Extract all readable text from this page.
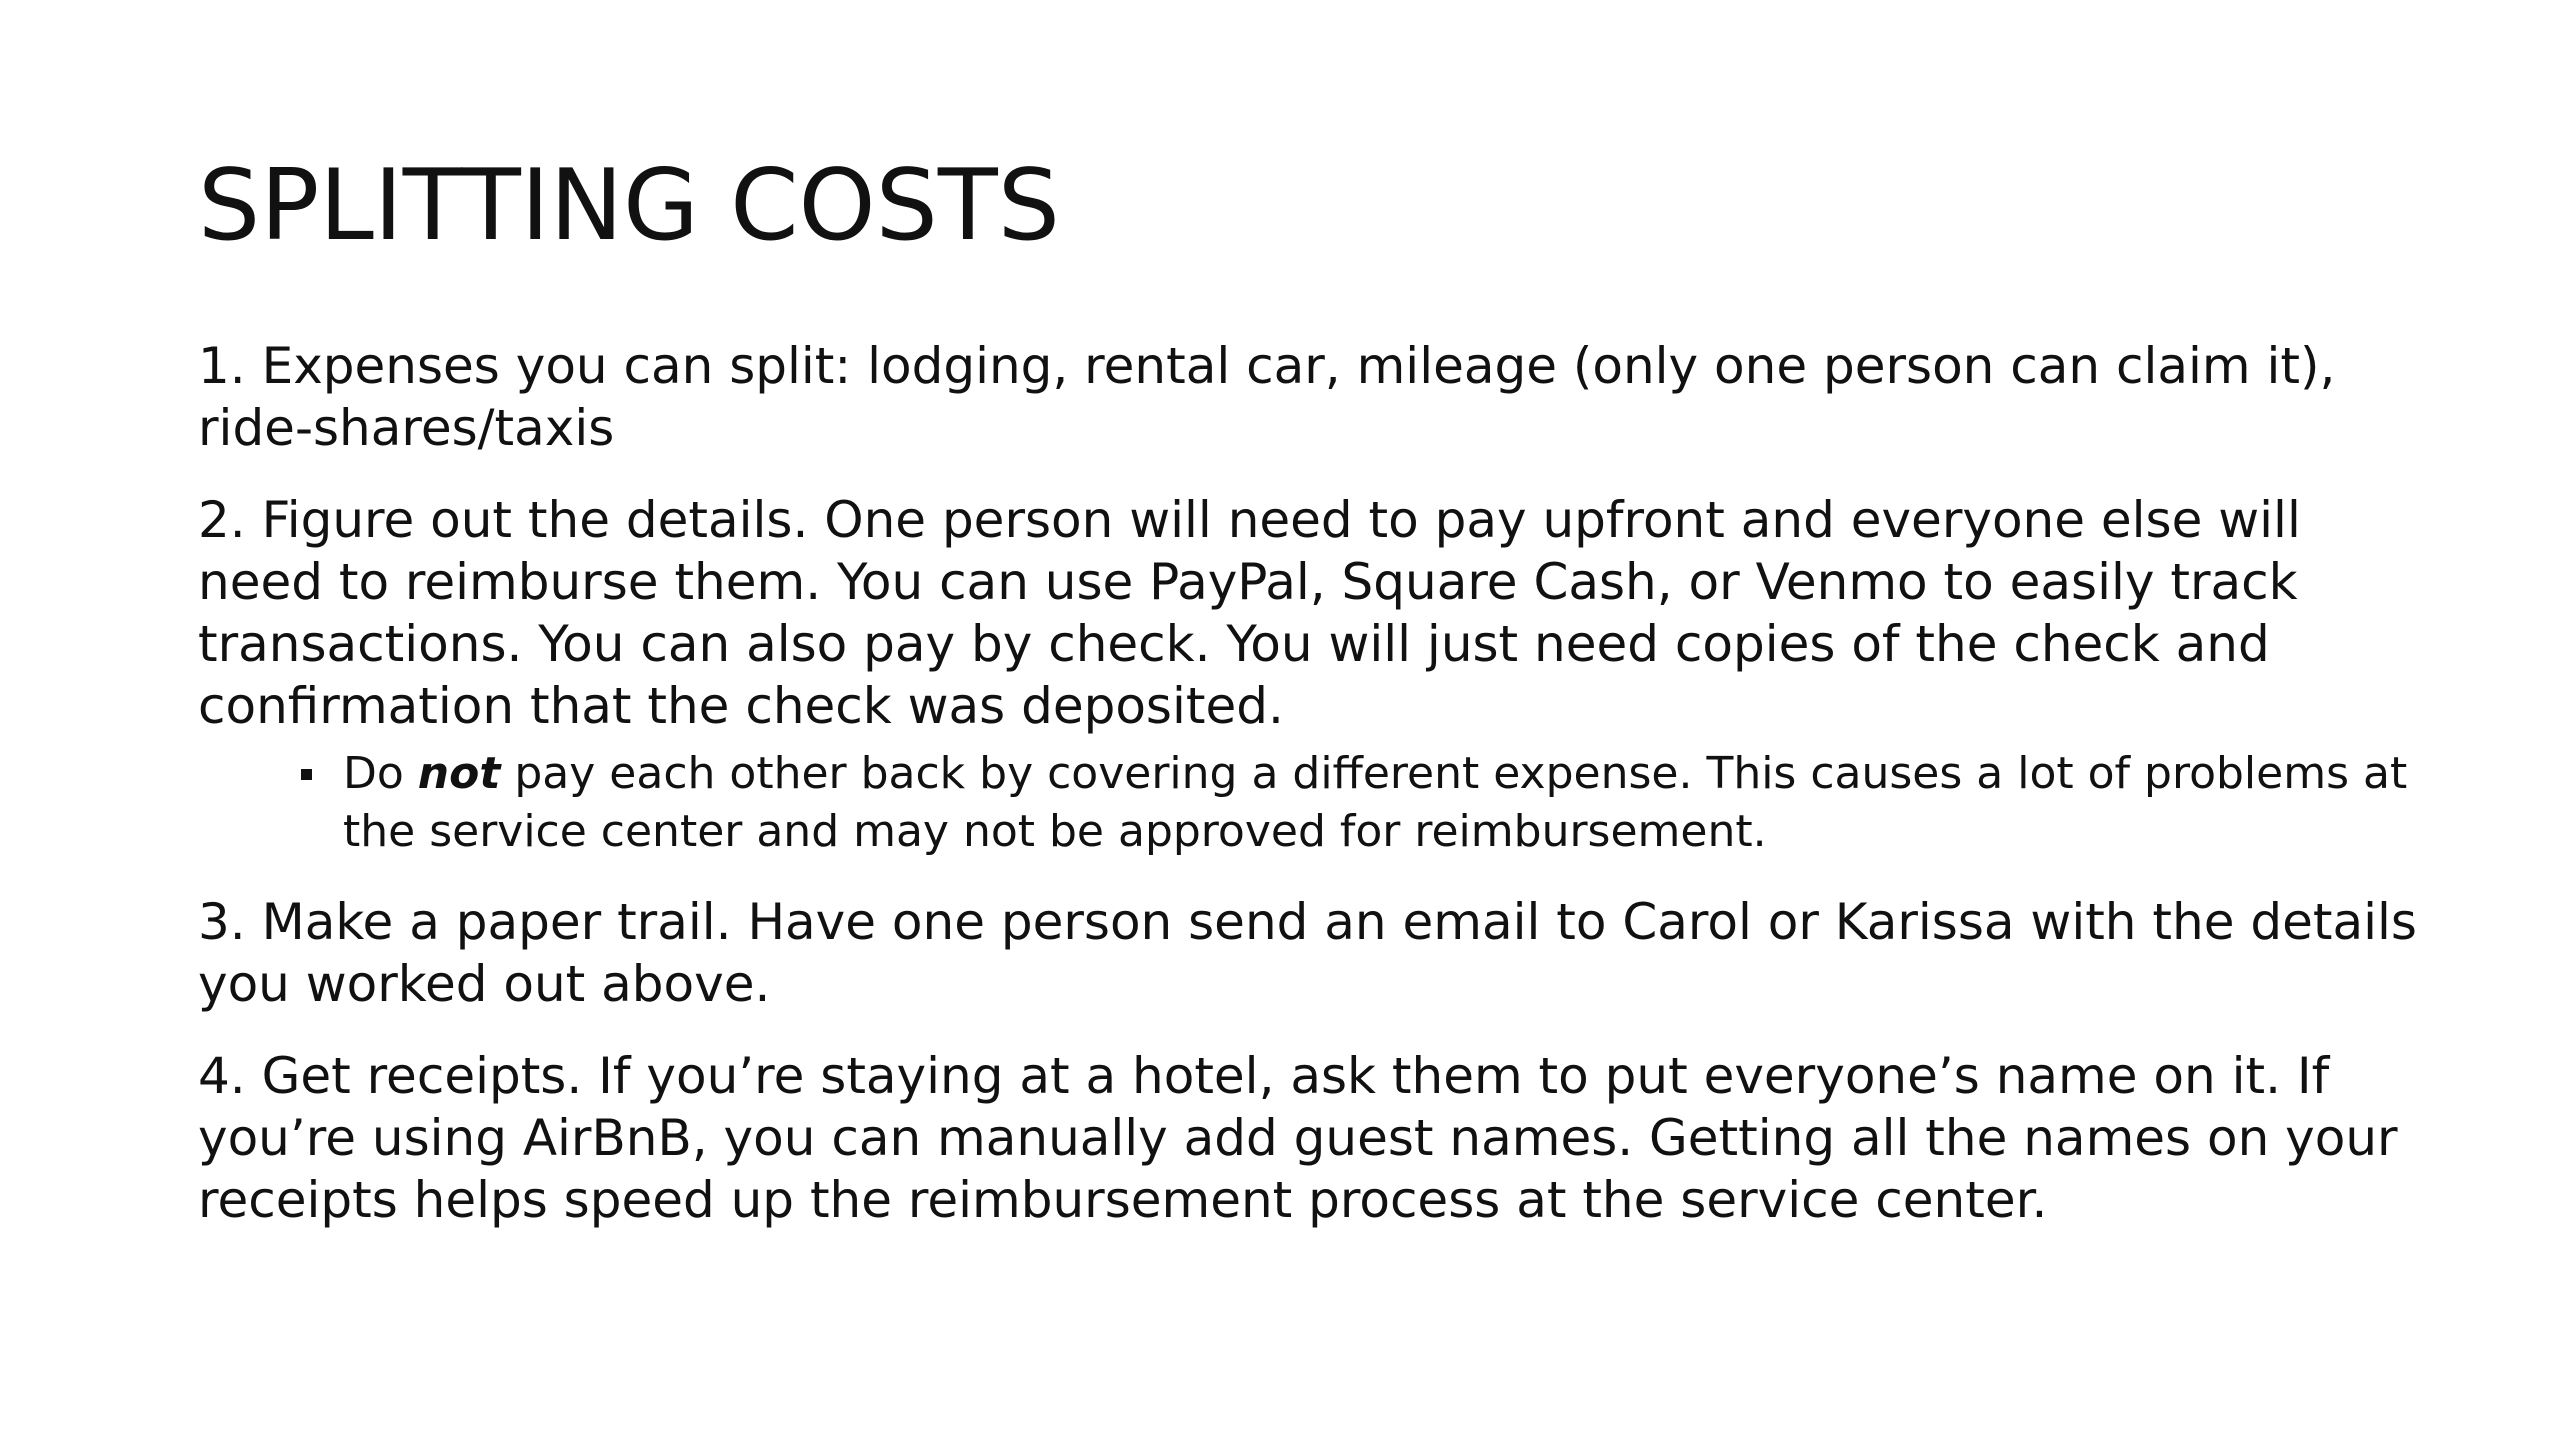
SPLITTING COSTS

1. Expenses you can split: lodging, rental car, mileage (only one person can claim it), ride-shares/taxis

2. Figure out the details. One person will need to pay upfront and everyone else will need to reimburse them. You can use PayPal, Square Cash, or Venmo to easily track transactions. You can also pay by check. You will just need copies of the check and confirmation that the check was deposited.

Do not pay each other back by covering a different expense. This causes a lot of problems at the service center and may not be approved for reimbursement.

3. Make a paper trail. Have one person send an email to Carol or Karissa with the details you worked out above.

4. Get receipts. If you’re staying at a hotel, ask them to put everyone’s name on it. If you’re using AirBnB, you can manually add guest names. Getting all the names on your receipts helps speed up the reimbursement process at the service center.
